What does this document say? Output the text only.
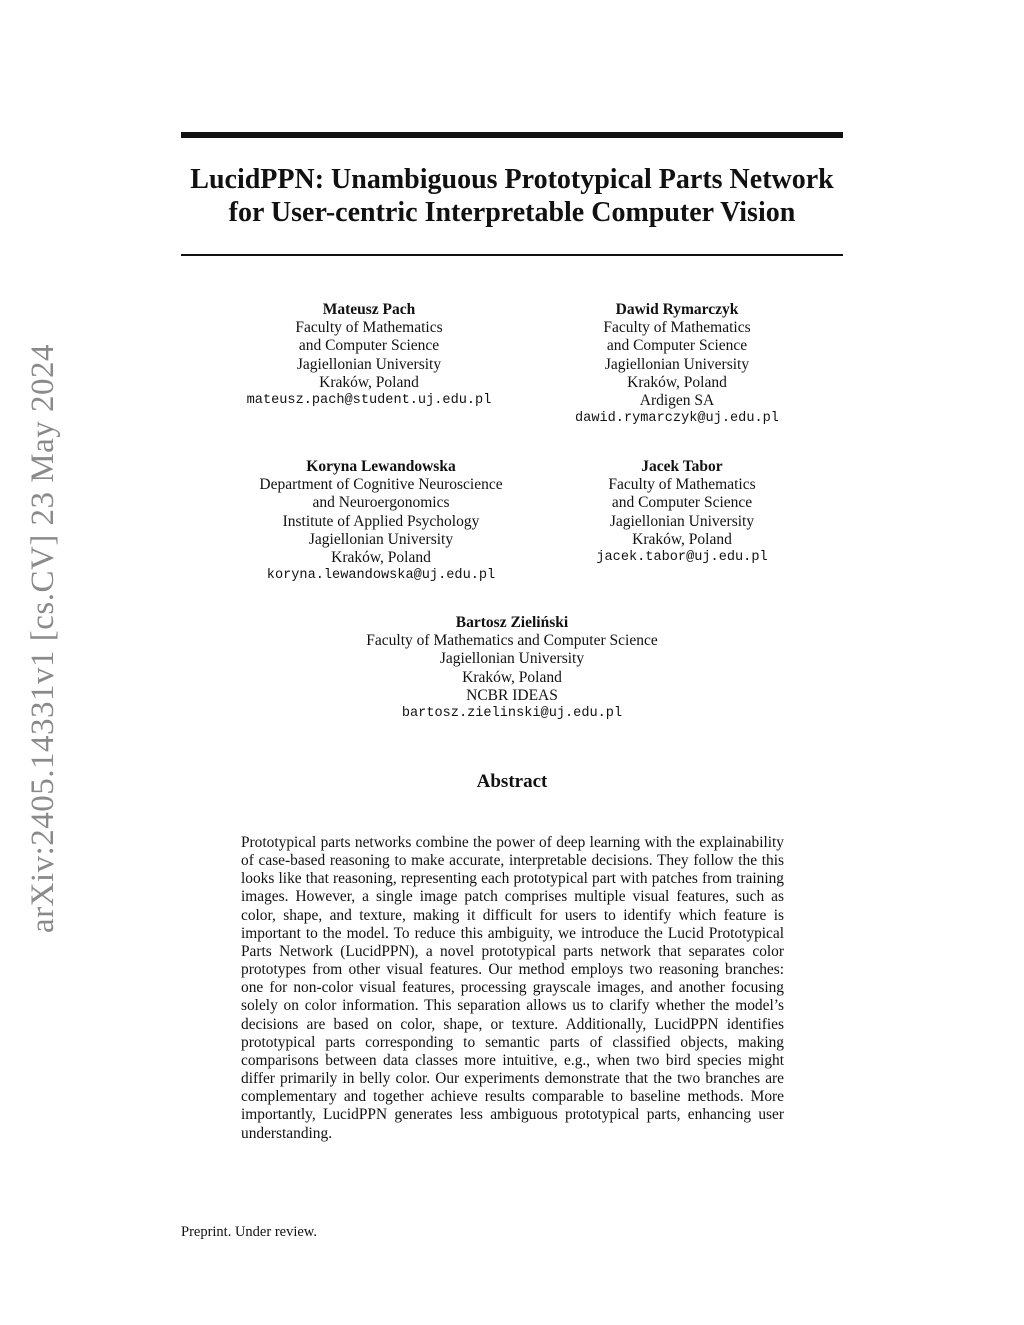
arXiv:2405.14331v1 [cs.CV] 23 May 2024
LucidPPN: Unambiguous Prototypical Parts Network
for User-centric Interpretable Computer Vision
Mateusz Pach
Faculty of Mathematics
and Computer Science
Jagiellonian University
Kraków, Poland
mateusz.pach@student.uj.edu.pl
Dawid Rymarczyk
Faculty of Mathematics
and Computer Science
Jagiellonian University
Kraków, Poland
Ardigen SA
dawid.rymarczyk@uj.edu.pl
Koryna Lewandowska
Department of Cognitive Neuroscience
and Neuroergonomics
Institute of Applied Psychology
Jagiellonian University
Kraków, Poland
koryna.lewandowska@uj.edu.pl
Jacek Tabor
Faculty of Mathematics
and Computer Science
Jagiellonian University
Kraków, Poland
jacek.tabor@uj.edu.pl
Bartosz Zieliński
Faculty of Mathematics and Computer Science
Jagiellonian University
Kraków, Poland
NCBR IDEAS
bartosz.zielinski@uj.edu.pl
Abstract
Prototypical parts networks combine the power of deep learning with the explainability of case-based reasoning to make accurate, interpretable decisions. They follow the this looks like that reasoning, representing each prototypical part with patches from training images. However, a single image patch comprises multiple visual features, such as color, shape, and texture, making it difficult for users to identify which feature is important to the model. To reduce this ambiguity, we introduce the Lucid Prototypical Parts Network (LucidPPN), a novel prototypical parts network that separates color prototypes from other visual features. Our method employs two reasoning branches: one for non-color visual features, processing grayscale images, and another focusing solely on color information. This separation allows us to clarify whether the model’s decisions are based on color, shape, or texture. Additionally, LucidPPN identifies prototypical parts corresponding to semantic parts of classified objects, making comparisons between data classes more intuitive, e.g., when two bird species might differ primarily in belly color. Our experiments demonstrate that the two branches are complementary and together achieve results comparable to baseline methods. More importantly, LucidPPN generates less ambiguous prototypical parts, enhancing user understanding.
Preprint. Under review.
